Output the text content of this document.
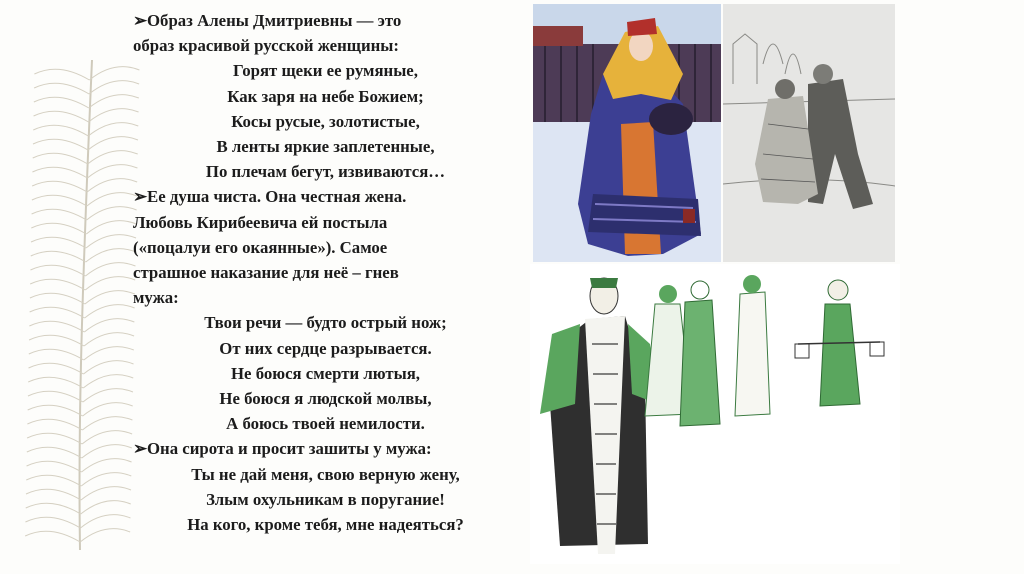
➢ Образ Алены Дмитриевны — это
образ красивой русской женщины:
Горят щеки ее румяные,
Как заря на небе Божием;
Косы русые, золотистые,
В ленты яркие заплетенные,
По плечам бегут, извиваются…
➢ Ее душа чиста. Она честная жена.
Любовь Кирибеевича ей постыла
(«поцалуи его окаянные»). Самое
страшное наказание для неё – гнев
мужа:
Твои речи — будто острый нож;
От них сердце разрывается.
Не боюся смерти лютыя,
Не боюся я людской молвы,
А боюсь твоей немилости.
➢ Она сирота и просит зашиты у мужа:
Ты не дай меня, свою верную жену,
Злым охульникам в поругание!
На кого, кроме тебя, мне надеяться?
